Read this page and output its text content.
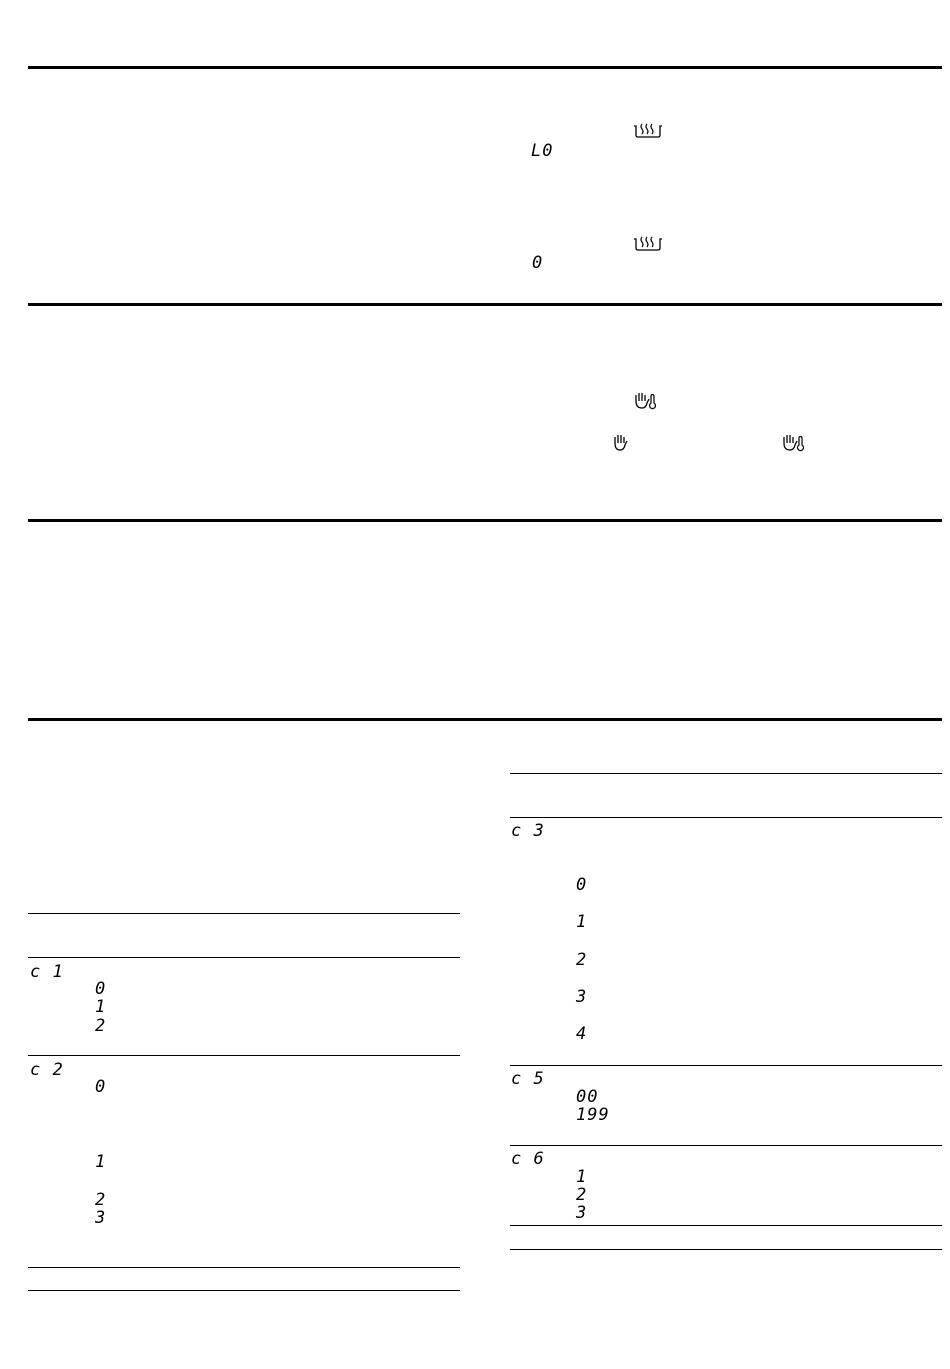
L0
0
c 1
0
1
2
c 2
0
1
2
3
c 3
0
1
2
3
4
c 5
00
199
c 6
1
2
3
